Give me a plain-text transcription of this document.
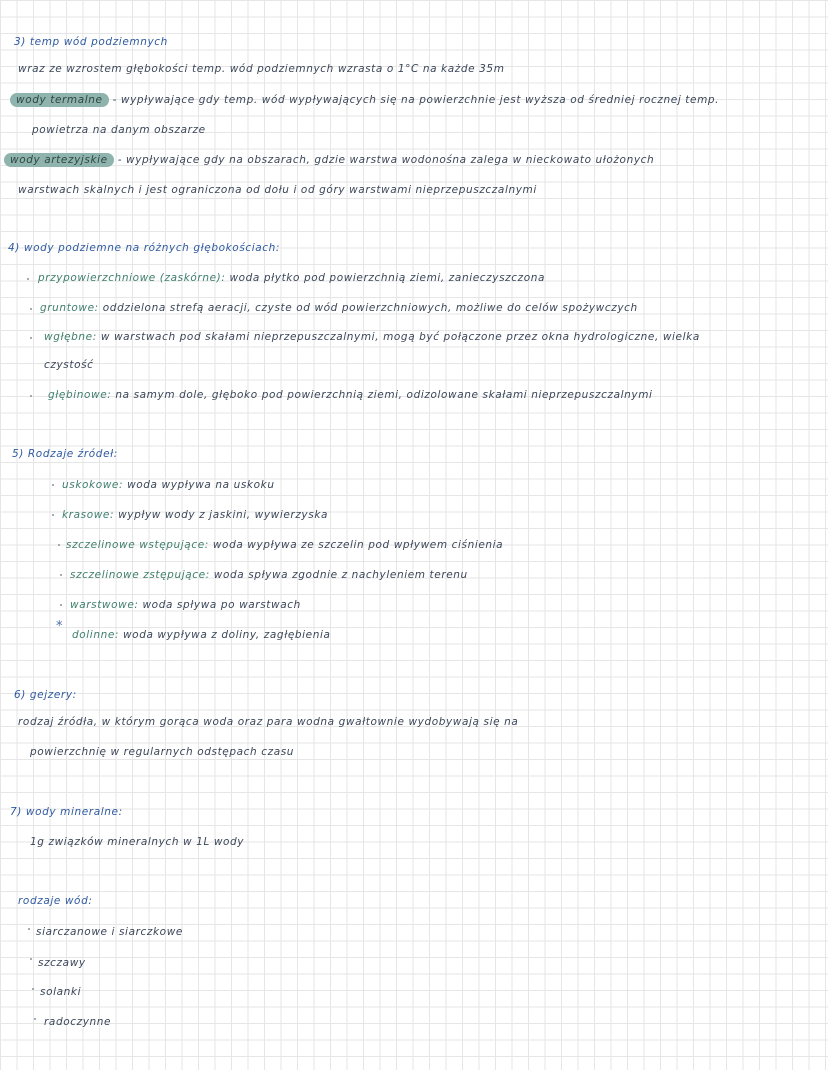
3) temp wód podziemnych
wraz ze wzrostem głębokości temp. wód podziemnych wzrasta o 1°C na każde 35m
wody termalne - wypływające gdy temp. wód wypływających się na powierzchnie jest wyższa od średniej rocznej temp.
powietrza na danym obszarze
wody artezyjskie - wypływające gdy na obszarach, gdzie warstwa wodonośna zalega w nieckowato ułożonych
warstwach skalnych i jest ograniczona od dołu i od góry warstwami nieprzepuszczalnymi
4) wody podziemne na różnych głębokościach:
przypowierzchniowe (zaskórne): woda płytko pod powierzchnią ziemi, zanieczyszczona
gruntowe: oddzielona strefą aeracji, czyste od wód powierzchniowych, możliwe do celów spożywczych
wgłębne: w warstwach pod skałami nieprzepuszczalnymi, mogą być połączone przez okna hydrologiczne, wielka
czystość
głębinowe: na samym dole, głęboko pod powierzchnią ziemi, odizolowane skałami nieprzepuszczalnymi
5) Rodzaje źródeł:
uskokowe: woda wypływa na uskoku
krasowe: wypływ wody z jaskini, wywierzyska
szczelinowe wstępujące: woda wypływa ze szczelin pod wpływem ciśnienia
szczelinowe zstępujące: woda spływa zgodnie z nachyleniem terenu
warstwowe: woda spływa po warstwach
*
dolinne: woda wypływa z doliny, zagłębienia
6) gejzery:
rodzaj źródła, w którym gorąca woda oraz para wodna gwałtownie wydobywają się na
powierzchnię w regularnych odstępach czasu
7) wody mineralne:
1g związków mineralnych w 1L wody
rodzaje wód:
siarczanowe i siarczkowe
szczawy
solanki
radoczynne
